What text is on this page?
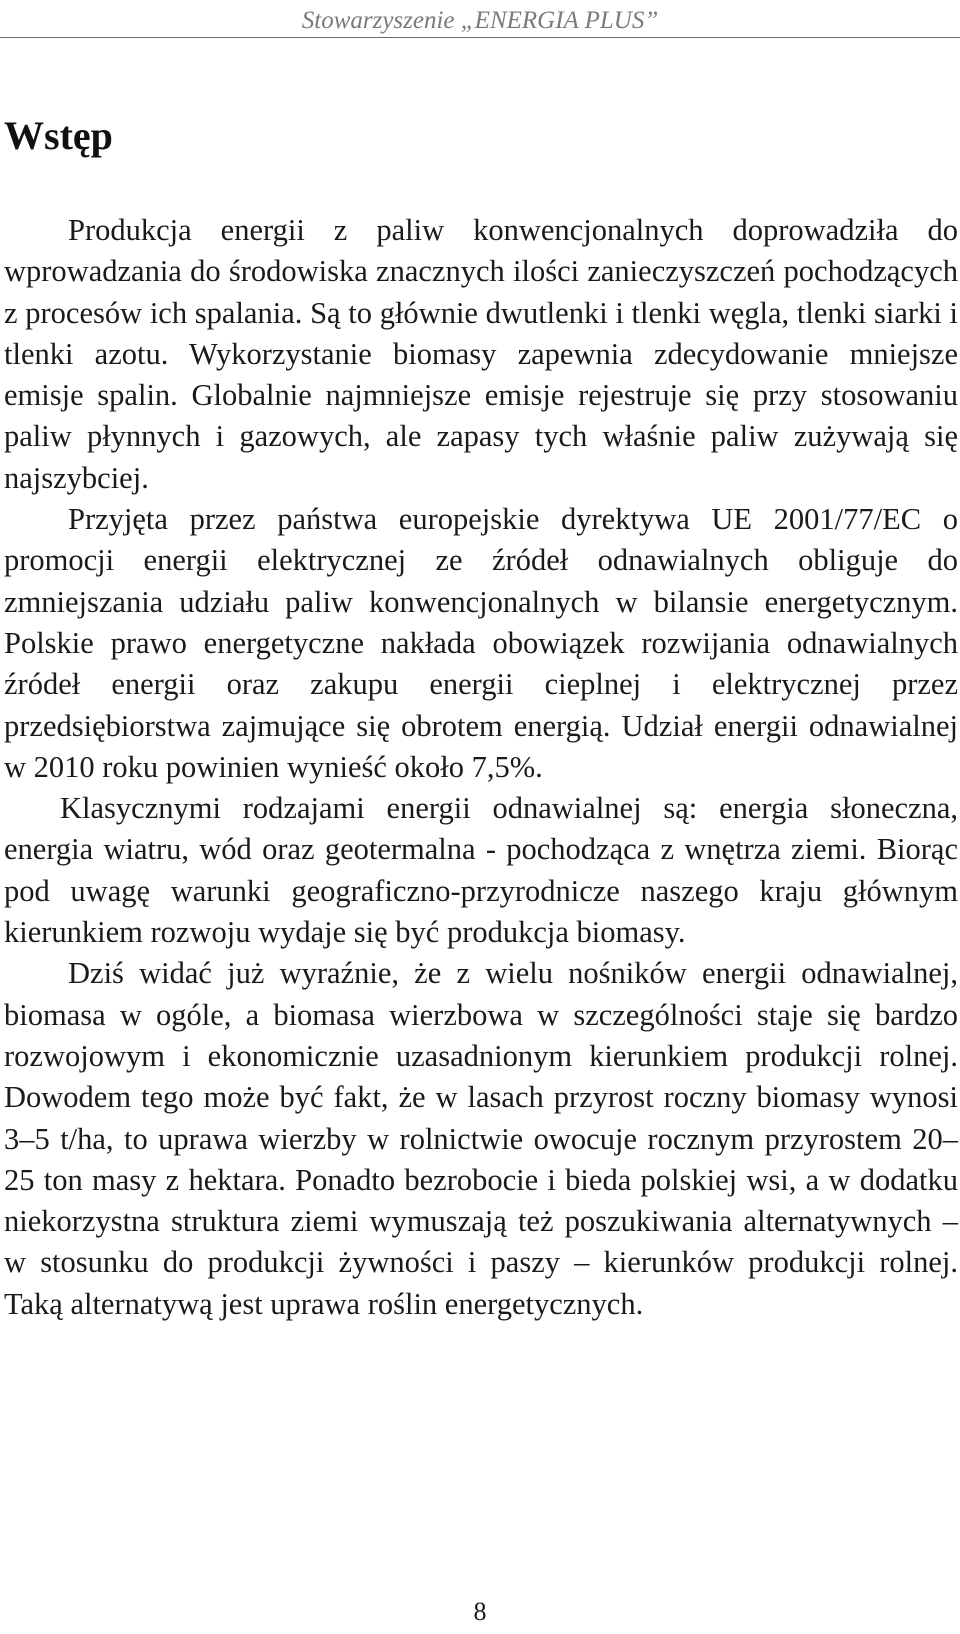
Stowarzyszenie „ENERGIA PLUS”
Wstęp

Produkcja energii z paliw konwencjonalnych doprowadziła do wprowadzania do środowiska znacznych ilości zanieczyszczeń pochodzących z procesów ich spalania. Są to głównie dwutlenki i tlenki węgla, tlenki siarki i tlenki azotu. Wykorzystanie biomasy zapewnia zdecydowanie mniejsze emisje spalin. Globalnie najmniejsze emisje rejestruje się przy stosowaniu paliw płynnych i gazowych, ale zapasy tych właśnie paliw zużywają się najszybciej.

Przyjęta przez państwa europejskie dyrektywa UE 2001/77/EC o promocji energii elektrycznej ze źródeł odnawialnych obliguje do zmniejszania udziału paliw konwencjonalnych w bilansie energetycznym. Polskie prawo energetyczne nakłada obowiązek rozwijania odnawialnych źródeł energii oraz zakupu energii cieplnej i elektrycznej przez przedsiębiorstwa zajmujące się obrotem energią. Udział energii odnawialnej w 2010 roku powinien wynieść około 7,5%.

Klasycznymi rodzajami energii odnawialnej są: energia słoneczna, energia wiatru, wód oraz geotermalna - pochodząca z wnętrza ziemi. Biorąc pod uwagę warunki geograficzno-przyrodnicze naszego kraju głównym kierunkiem rozwoju wydaje się być produkcja biomasy.

Dziś widać już wyraźnie, że z wielu nośników energii odnawialnej, biomasa w ogóle, a biomasa wierzbowa w szczególności staje się bardzo rozwojowym i ekonomicznie uzasadnionym kierunkiem produkcji rolnej. Dowodem tego może być fakt, że w lasach przyrost roczny biomasy wynosi 3–5 t/ha, to uprawa wierzby w rolnictwie owocuje rocznym przyrostem 20–25 ton masy z hektara. Ponadto bezrobocie i bieda polskiej wsi, a w dodatku niekorzystna struktura ziemi wymuszają też poszukiwania alternatywnych – w stosunku do produkcji żywności i paszy – kierunków produkcji rolnej. Taką alternatywą jest uprawa roślin energetycznych.

8
